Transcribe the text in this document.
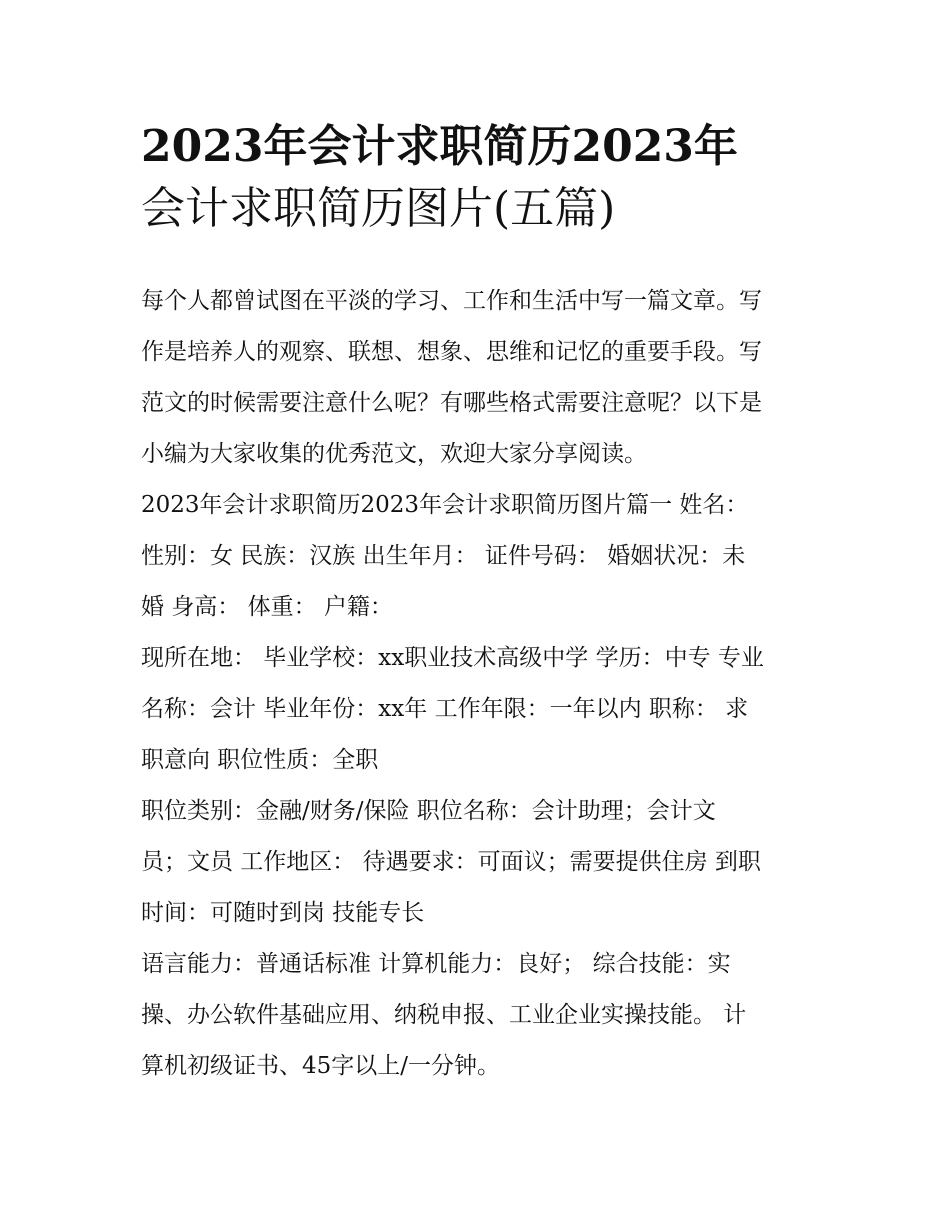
2023年会计求职简历2023年
会计求职简历图片(五篇)

每个人都曾试图在平淡的学习、工作和生活中写一篇文章。写
作是培养人的观察、联想、想象、思维和记忆的重要手段。写
范文的时候需要注意什么呢？有哪些格式需要注意呢？以下是
小编为大家收集的优秀范文，欢迎大家分享阅读。

2023年会计求职简历2023年会计求职简历图片篇一 姓名：
性别：女 民族：汉族 出生年月： 证件号码： 婚姻状况：未
婚 身高： 体重： 户籍：

现所在地： 毕业学校：xx职业技术高级中学 学历：中专 专业
名称：会计 毕业年份：xx年 工作年限：一年以内 职称： 求
职意向 职位性质：全职

职位类别：金融/财务/保险 职位名称：会计助理；会计文
员；文员 工作地区： 待遇要求：可面议；需要提供住房 到职
时间：可随时到岗 技能专长

语言能力：普通话标准 计算机能力：良好； 综合技能：实
操、办公软件基础应用、纳税申报、工业企业实操技能。 计
算机初级证书、45字以上/一分钟。
